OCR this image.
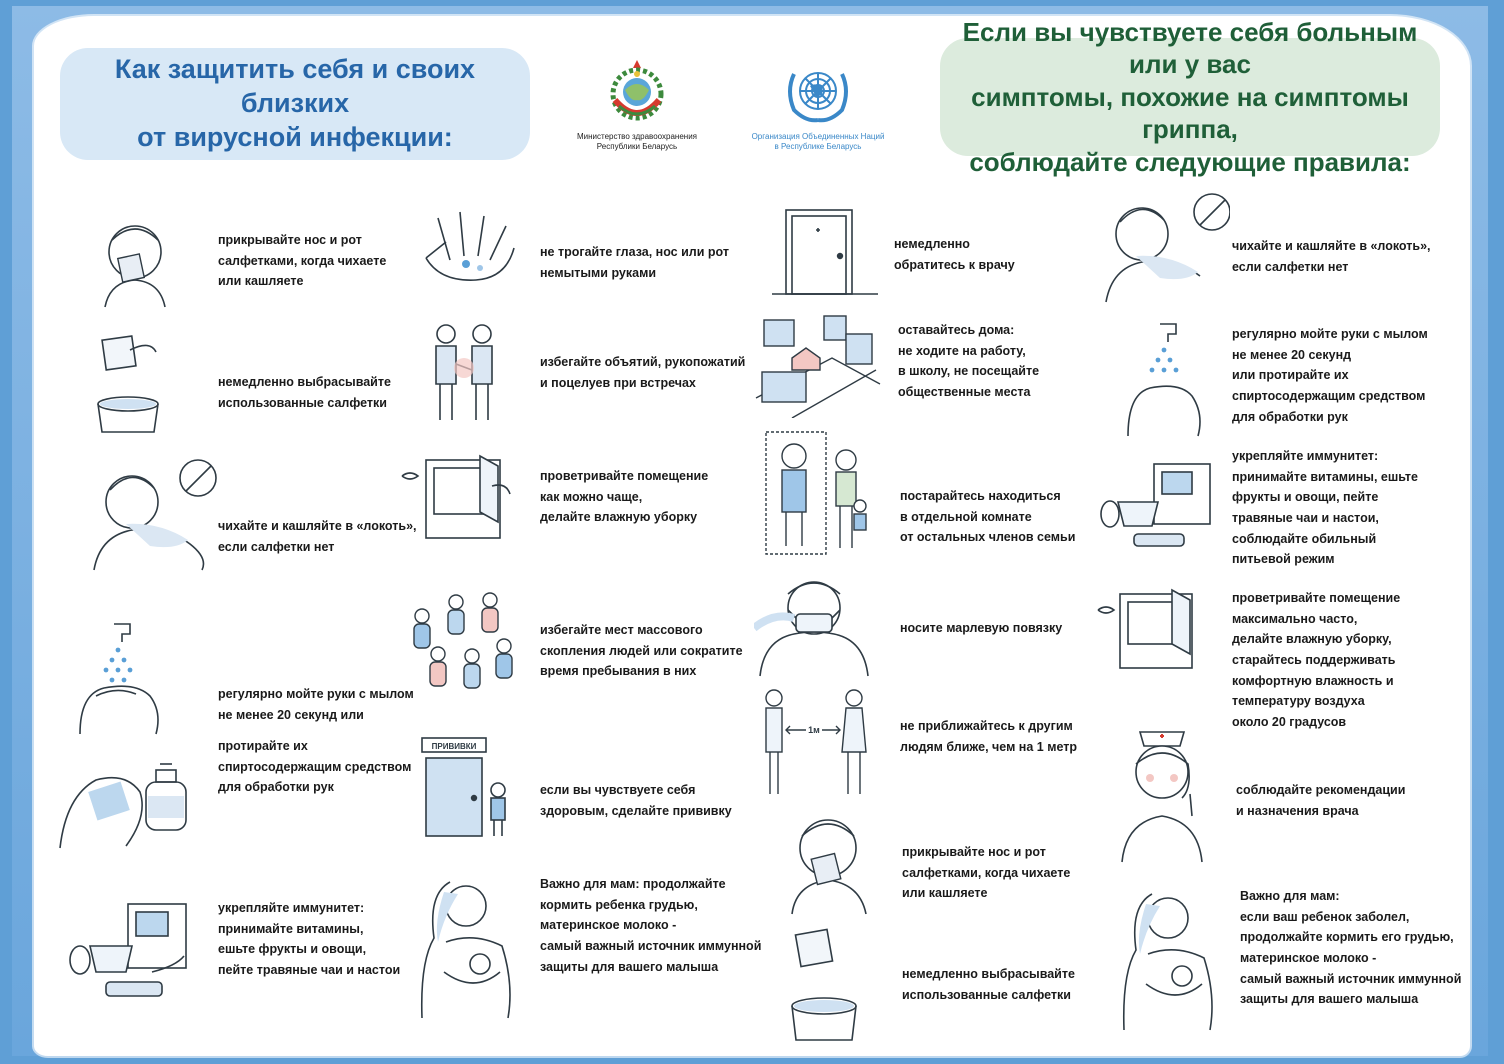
Как защитить себя и своих близких
от вирусной инфекции:
Если вы чувствуете себя больным или у вас
симптомы, похожие на симптомы гриппа,
соблюдайте следующие правила:
Министерство здравоохранения
Республики Беларусь
Организация Объединенных Наций
в Республике Беларусь
прикрывайте нос и рот
салфетками, когда чихаете
или кашляете
немедленно выбрасывайте
использованные салфетки
чихайте и кашляйте в «локоть»,
если салфетки нет
регулярно мойте руки с мылом
не менее 20 секунд или
протирайте их
спиртосодержащим средством
для обработки рук
укрепляйте иммунитет:
принимайте витамины,
ешьте фрукты и овощи,
пейте травяные чаи и настои
не трогайте глаза, нос или рот
немытыми руками
избегайте объятий, рукопожатий
и поцелуев при встречах
проветривайте помещение
как можно чаще,
делайте влажную уборку
избегайте мест массового
скопления людей или сократите
время пребывания в них
ПРИВИВКИ
если вы чувствуете себя
здоровым, сделайте прививку
Важно для мам: продолжайте
кормить ребенка грудью,
материнское молоко -
самый важный источник иммунной
защиты для вашего малыша
немедленно
обратитесь к врачу
оставайтесь дома:
не ходите на работу,
в школу, не посещайте
общественные места
постарайтесь находиться
в отдельной комнате
от остальных членов семьи
носите марлевую повязку
1м	не приближайтесь к другим
людям ближе, чем на 1 метр
прикрывайте нос и рот
салфетками, когда чихаете
или кашляете
немедленно выбрасывайте
использованные салфетки
чихайте и кашляйте в «локоть»,
если салфетки нет
регулярно мойте руки с мылом
не менее 20 секунд
или протирайте их
спиртосодержащим средством
для обработки рук
укрепляйте иммунитет:
принимайте витамины, ешьте
фрукты и овощи, пейте
травяные чаи и настои,
соблюдайте обильный
питьевой режим
проветривайте помещение
максимально часто,
делайте влажную уборку,
старайтесь поддерживать
комфортную влажность и
температуру воздуха
около 20 градусов
соблюдайте рекомендации
и назначения врача
Важно для мам:
если ваш ребенок заболел,
продолжайте кормить его грудью,
материнское молоко -
самый важный источник иммунной
защиты для вашего малыша
